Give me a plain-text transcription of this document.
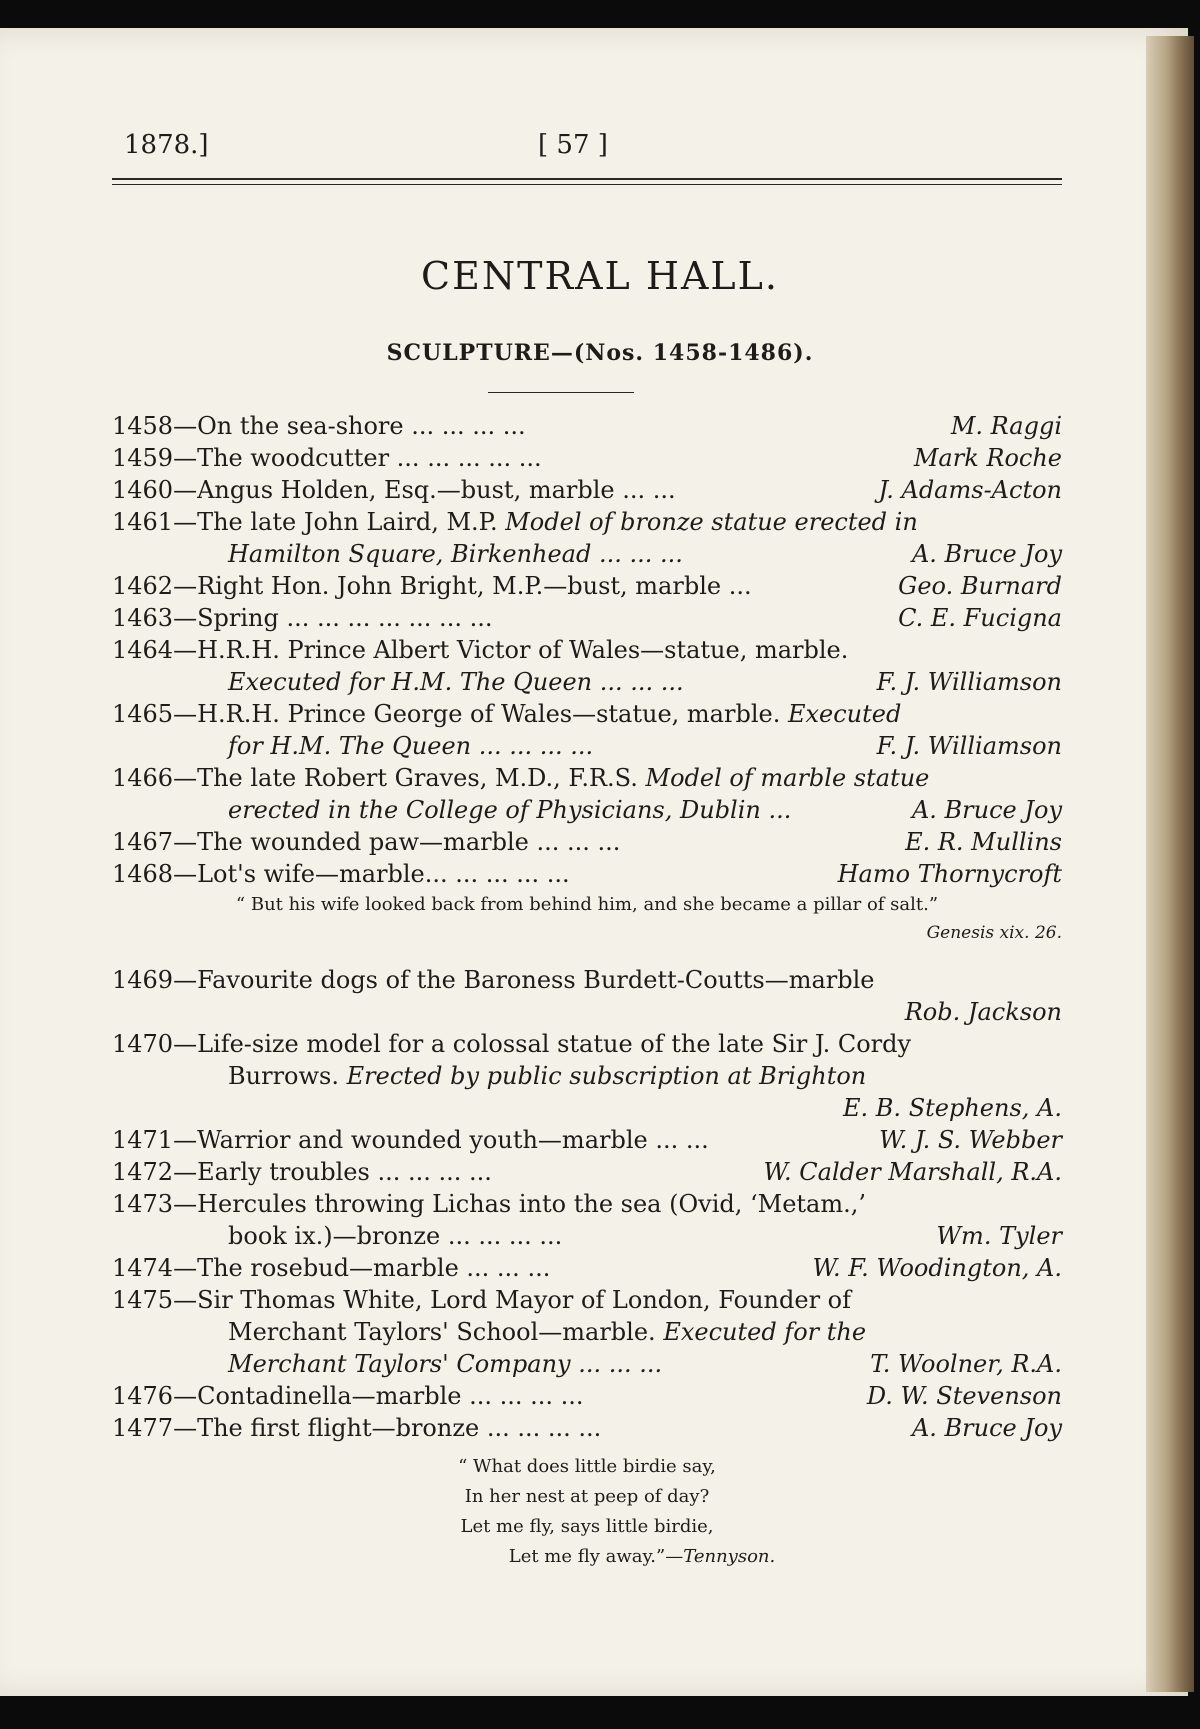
1878.]	[ 57 ]
CENTRAL HALL.
SCULPTURE—(Nos. 1458-1486).
1458—On the sea-shore ... ... ... ...	M. Raggi
1459—The woodcutter ... ... ... ... ...	Mark Roche
1460—Angus Holden, Esq.—bust, marble ... ...	J. Adams-Acton
1461—The late John Laird, M.P. Model of bronze statue erected in
Hamilton Square, Birkenhead ... ... ...	A. Bruce Joy
1462—Right Hon. John Bright, M.P.—bust, marble ...	Geo. Burnard
1463—Spring ... ... ... ... ... ... ...	C. E. Fucigna
1464—H.R.H. Prince Albert Victor of Wales—statue, marble.
Executed for H.M. The Queen ... ... ...	F. J. Williamson
1465—H.R.H. Prince George of Wales—statue, marble. Executed
for H.M. The Queen ... ... ... ...	F. J. Williamson
1466—The late Robert Graves, M.D., F.R.S. Model of marble statue
erected in the College of Physicians, Dublin ...	A. Bruce Joy
1467—The wounded paw—marble ... ... ...	E. R. Mullins
1468—Lot's wife—marble... ... ... ... ...	Hamo Thornycroft
“ But his wife looked back from behind him, and she became a pillar of salt.”
Genesis xix. 26.
1469—Favourite dogs of the Baroness Burdett-Coutts—marble
Rob. Jackson
1470—Life-size model for a colossal statue of the late Sir J. Cordy
Burrows. Erected by public subscription at Brighton
E. B. Stephens, A.
1471—Warrior and wounded youth—marble ... ...	W. J. S. Webber
1472—Early troubles ... ... ... ...	W. Calder Marshall, R.A.
1473—Hercules throwing Lichas into the sea (Ovid, ‘Metam.,’
book ix.)—bronze ... ... ... ...	Wm. Tyler
1474—The rosebud—marble ... ... ...	W. F. Woodington, A.
1475—Sir Thomas White, Lord Mayor of London, Founder of
Merchant Taylors' School—marble. Executed for the
Merchant Taylors' Company ... ... ...	T. Woolner, R.A.
1476—Contadinella—marble ... ... ... ...	D. W. Stevenson
1477—The first flight—bronze ... ... ... ...	A. Bruce Joy
“ What does little birdie say,
In her nest at peep of day?
Let me fly, says little birdie,
Let me fly away.”—Tennyson.
